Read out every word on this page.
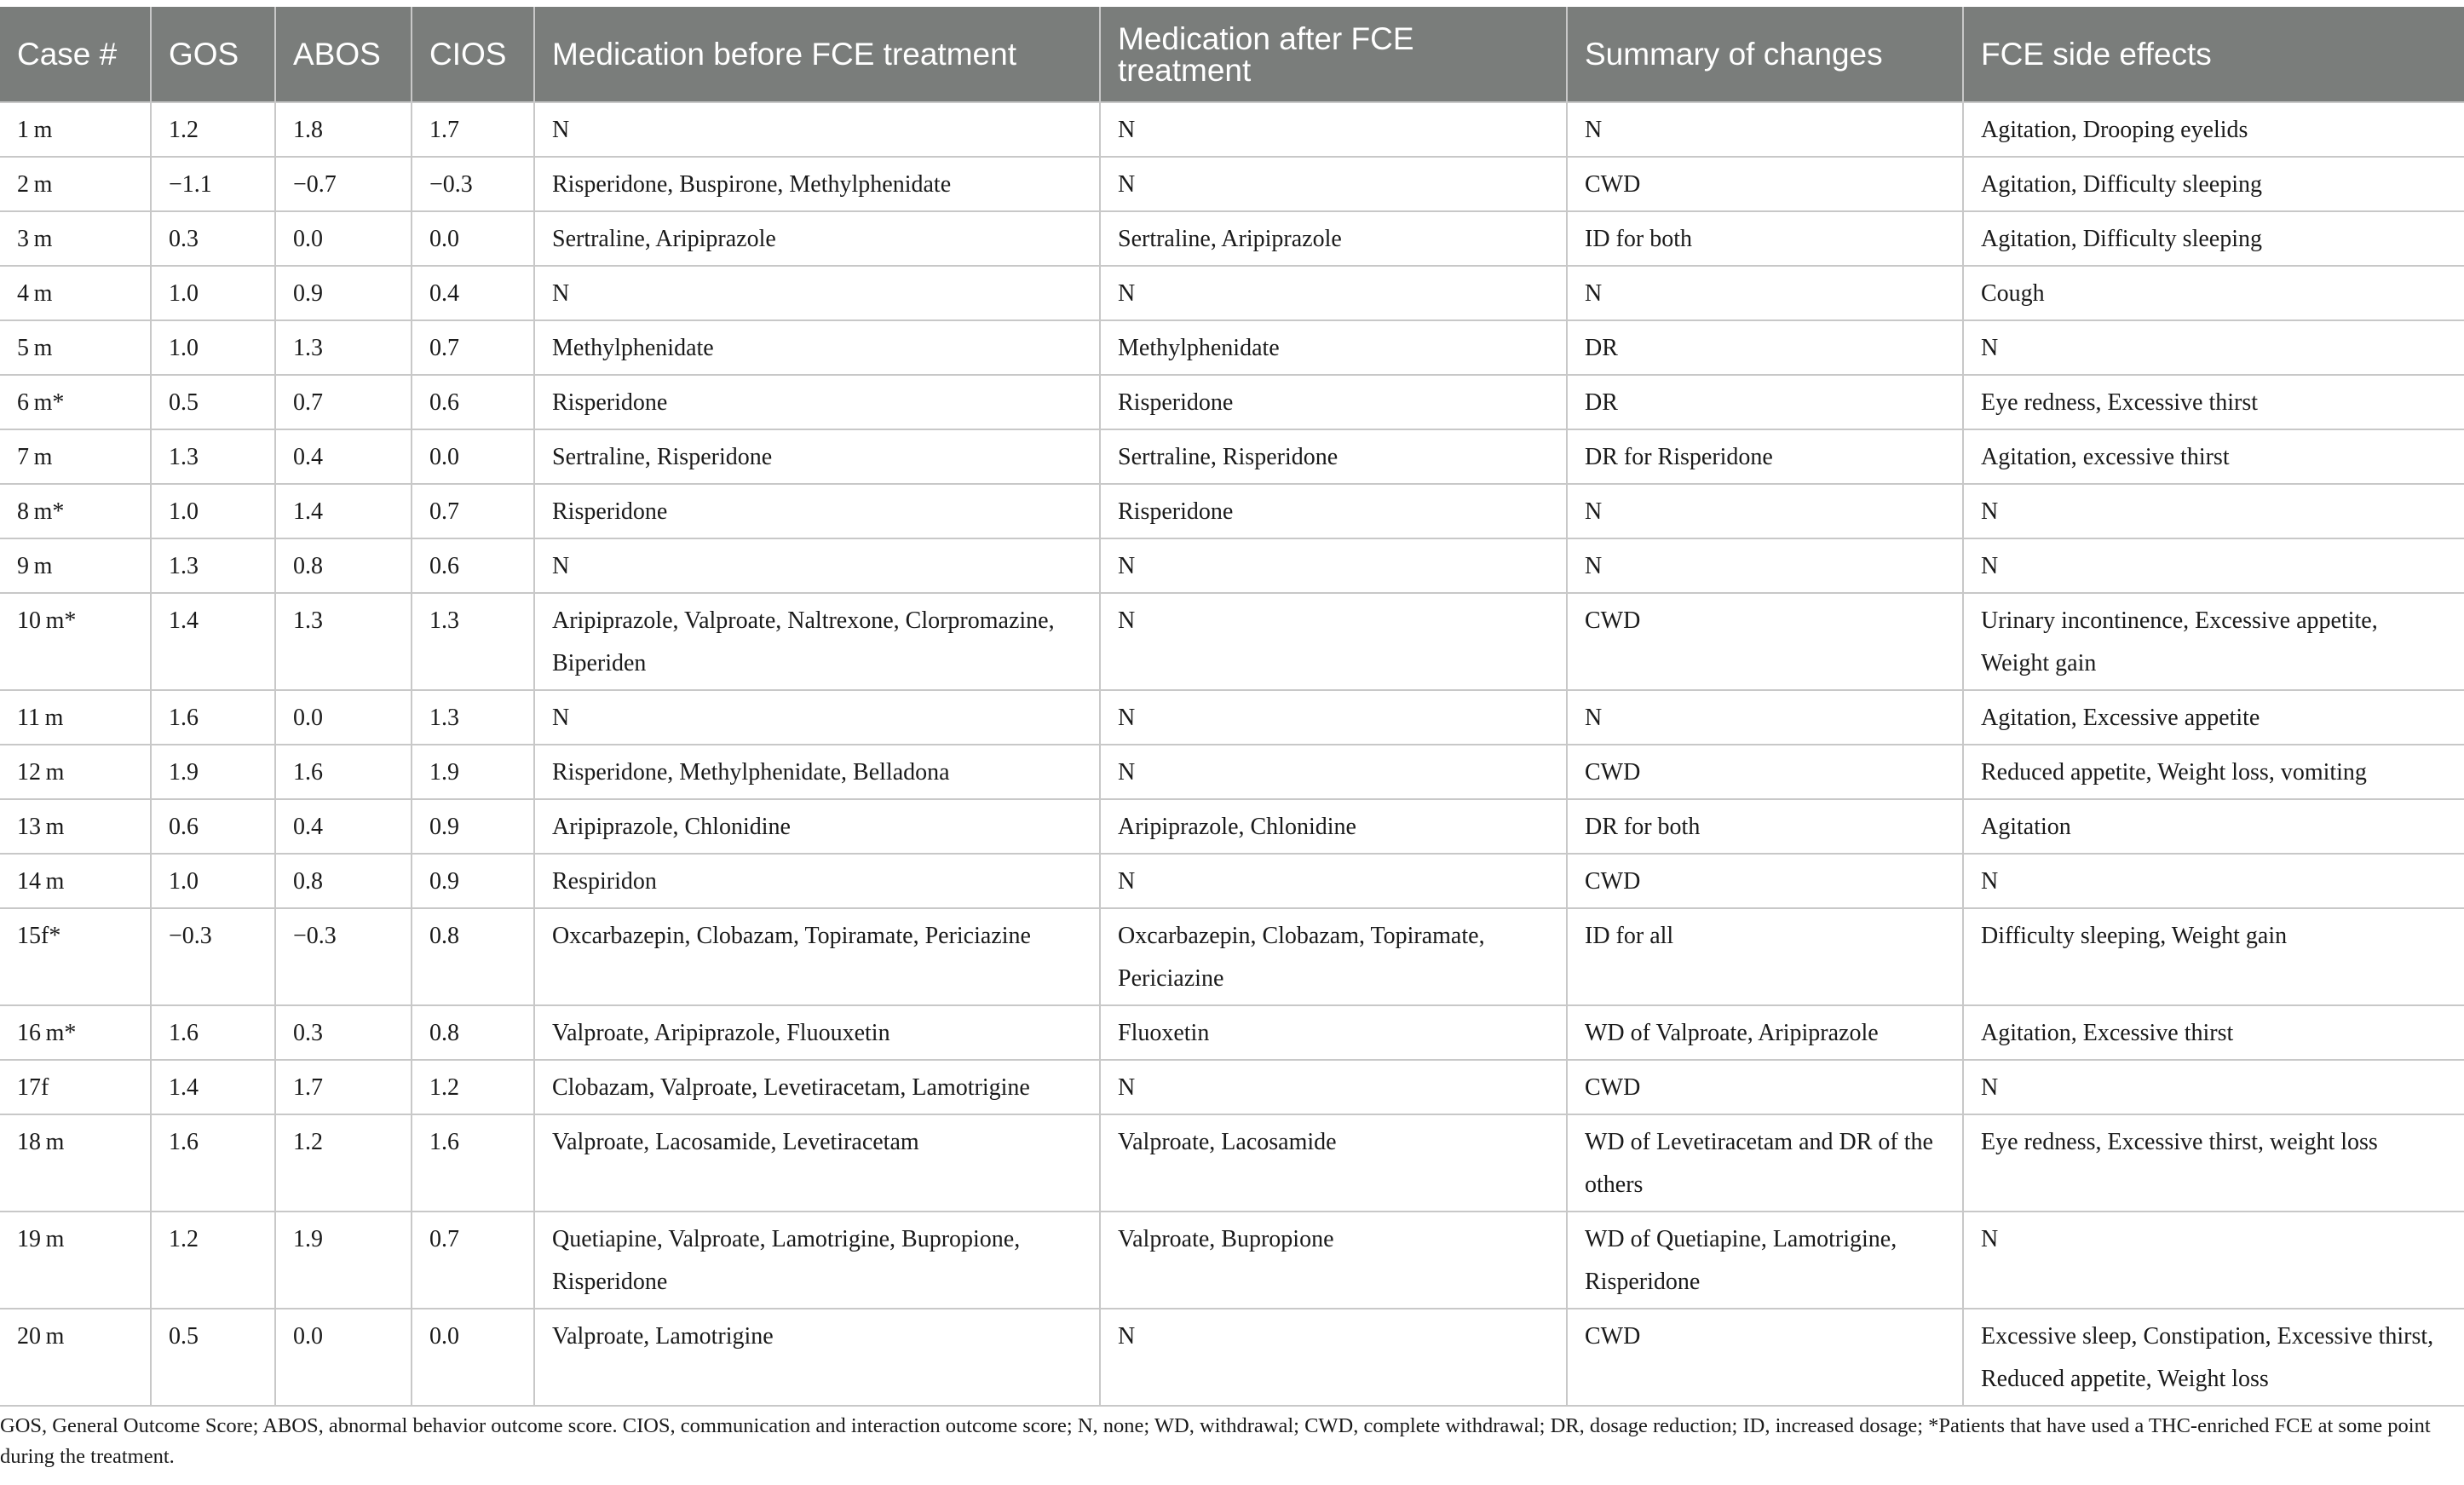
Case #	GOS	ABOS	CIOS	Medication before FCE treatment	Medication after FCE treatment	Summary of changes	FCE side effects
1 m	1.2	1.8	1.7	N	N	N	Agitation, Drooping eyelids
2 m	−1.1	−0.7	−0.3	Risperidone, Buspirone, Methylphenidate	N	CWD	Agitation, Difficulty sleeping
3 m	0.3	0.0	0.0	Sertraline, Aripiprazole	Sertraline, Aripiprazole	ID for both	Agitation, Difficulty sleeping
4 m	1.0	0.9	0.4	N	N	N	Cough
5 m	1.0	1.3	0.7	Methylphenidate	Methylphenidate	DR	N
6 m*	0.5	0.7	0.6	Risperidone	Risperidone	DR	Eye redness, Excessive thirst
7 m	1.3	0.4	0.0	Sertraline, Risperidone	Sertraline, Risperidone	DR for Risperidone	Agitation, excessive thirst
8 m*	1.0	1.4	0.7	Risperidone	Risperidone	N	N
9 m	1.3	0.8	0.6	N	N	N	N
10 m*	1.4	1.3	1.3	Aripiprazole, Valproate, Naltrexone, Clorpromazine, Biperiden	N	CWD	Urinary incontinence, Excessive appetite, Weight gain
11 m	1.6	0.0	1.3	N	N	N	Agitation, Excessive appetite
12 m	1.9	1.6	1.9	Risperidone, Methylphenidate, Belladona	N	CWD	Reduced appetite, Weight loss, vomiting
13 m	0.6	0.4	0.9	Aripiprazole, Chlonidine	Aripiprazole, Chlonidine	DR for both	Agitation
14 m	1.0	0.8	0.9	Respiridon	N	CWD	N
15f*	−0.3	−0.3	0.8	Oxcarbazepin, Clobazam, Topiramate, Periciazine	Oxcarbazepin, Clobazam, Topiramate, Periciazine	ID for all	Difficulty sleeping, Weight gain
16 m*	1.6	0.3	0.8	Valproate, Aripiprazole, Fluouxetin	Fluoxetin	WD of Valproate, Aripiprazole	Agitation, Excessive thirst
17f	1.4	1.7	1.2	Clobazam, Valproate, Levetiracetam, Lamotrigine	N	CWD	N
18 m	1.6	1.2	1.6	Valproate, Lacosamide, Levetiracetam	Valproate, Lacosamide	WD of Levetiracetam and DR of the others	Eye redness, Excessive thirst, weight loss
19 m	1.2	1.9	0.7	Quetiapine, Valproate, Lamotrigine, Bupropione, Risperidone	Valproate, Bupropione	WD of Quetiapine, Lamotrigine, Risperidone	N
20 m	0.5	0.0	0.0	Valproate, Lamotrigine	N	CWD	Excessive sleep, Constipation, Excessive thirst, Reduced appetite, Weight loss
GOS, General Outcome Score; ABOS, abnormal behavior outcome score. CIOS, communication and interaction outcome score; N, none; WD, withdrawal; CWD, complete withdrawal; DR, dosage reduction; ID, increased dosage; *Patients that have used a THC-enriched FCE at some point during the treatment.
